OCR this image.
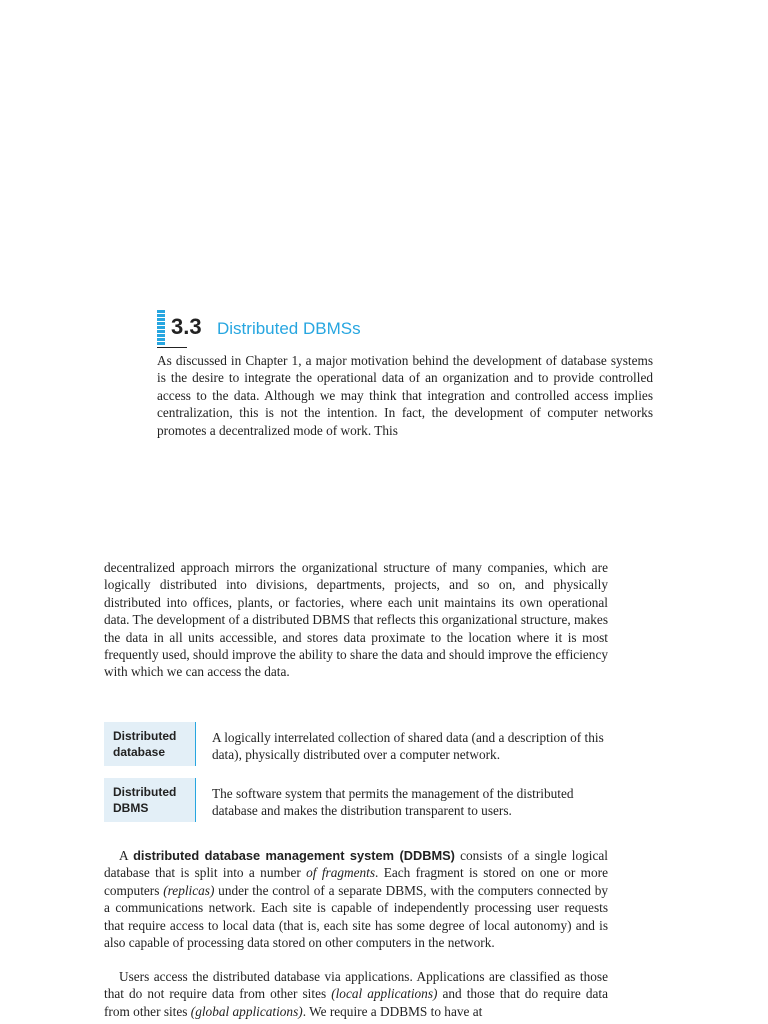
3.3 Distributed DBMSs

As discussed in Chapter 1, a major motivation behind the development of database systems is the desire to integrate the operational data of an organization and to provide controlled access to the data. Although we may think that integration and controlled access implies centralization, this is not the intention. In fact, the development of computer networks promotes a decentralized mode of work. This

decentralized approach mirrors the organizational structure of many companies, which are logically distributed into divisions, departments, projects, and so on, and physically distributed into offices, plants, or factories, where each unit maintains its own operational data. The development of a distributed DBMS that reflects this organizational structure, makes the data in all units accessible, and stores data proximate to the location where it is most frequently used, should improve the ability to share the data and should improve the efficiency with which we can access the data.

Distributed
database
A logically interrelated collection of shared data (and a description of this data), physically distributed over a computer network.
Distributed
DBMS
The software system that permits the management of the distributed database and makes the distribution transparent to users.

A distributed database management system (DDBMS) consists of a single logical database that is split into a number of fragments. Each fragment is stored on one or more computers (replicas) under the control of a separate DBMS, with the computers connected by a communications network. Each site is capable of independently processing user requests that require access to local data (that is, each site has some degree of local autonomy) and is also capable of processing data stored on other computers in the network.

Users access the distributed database via applications. Applications are classified as those that do not require data from other sites (local applications) and those that do require data from other sites (global applications). We require a DDBMS to have at
